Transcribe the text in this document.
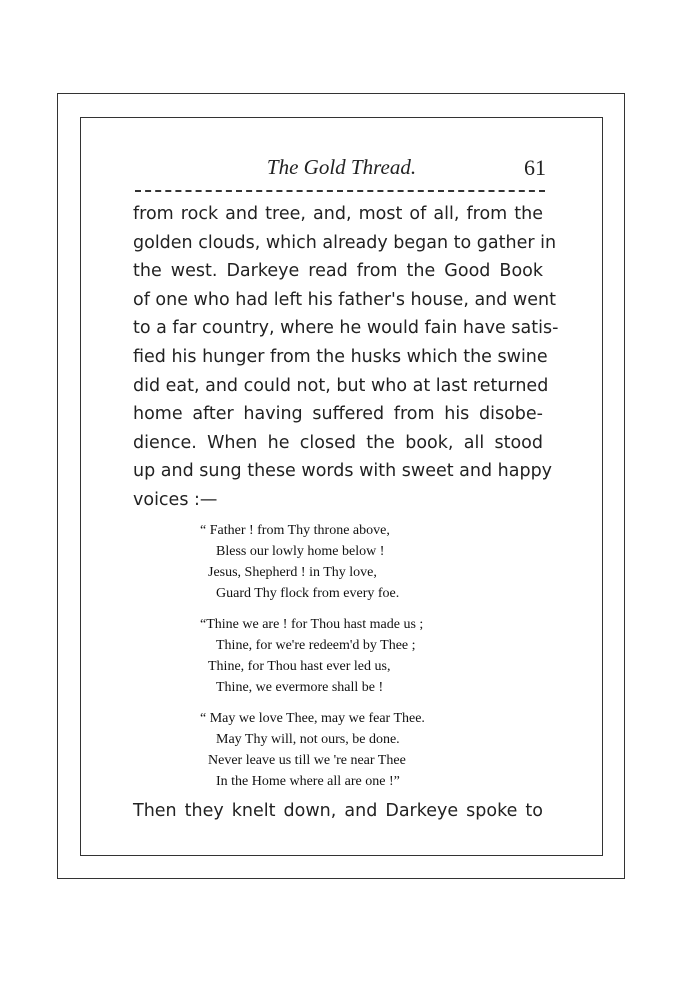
The Gold Thread.	61
from rock and tree, and, most of all, from the
golden clouds, which already began to gather in
the west. Darkeye read from the Good Book
of one who had left his father's house, and went
to a far country, where he would fain have satis-
fied his hunger from the husks which the swine
did eat, and could not, but who at last returned
home after having suffered from his disobe-
dience. When he closed the book, all stood
up and sung these words with sweet and happy
voices :—
“ Father ! from Thy throne above,
Bless our lowly home below !
Jesus, Shepherd ! in Thy love,
Guard Thy flock from every foe.
“Thine we are ! for Thou hast made us ;
Thine, for we're redeem'd by Thee ;
Thine, for Thou hast ever led us,
Thine, we evermore shall be !
“ May we love Thee, may we fear Thee.
May Thy will, not ours, be done.
Never leave us till we 're near Thee
In the Home where all are one !”
Then they knelt down, and Darkeye spoke to
